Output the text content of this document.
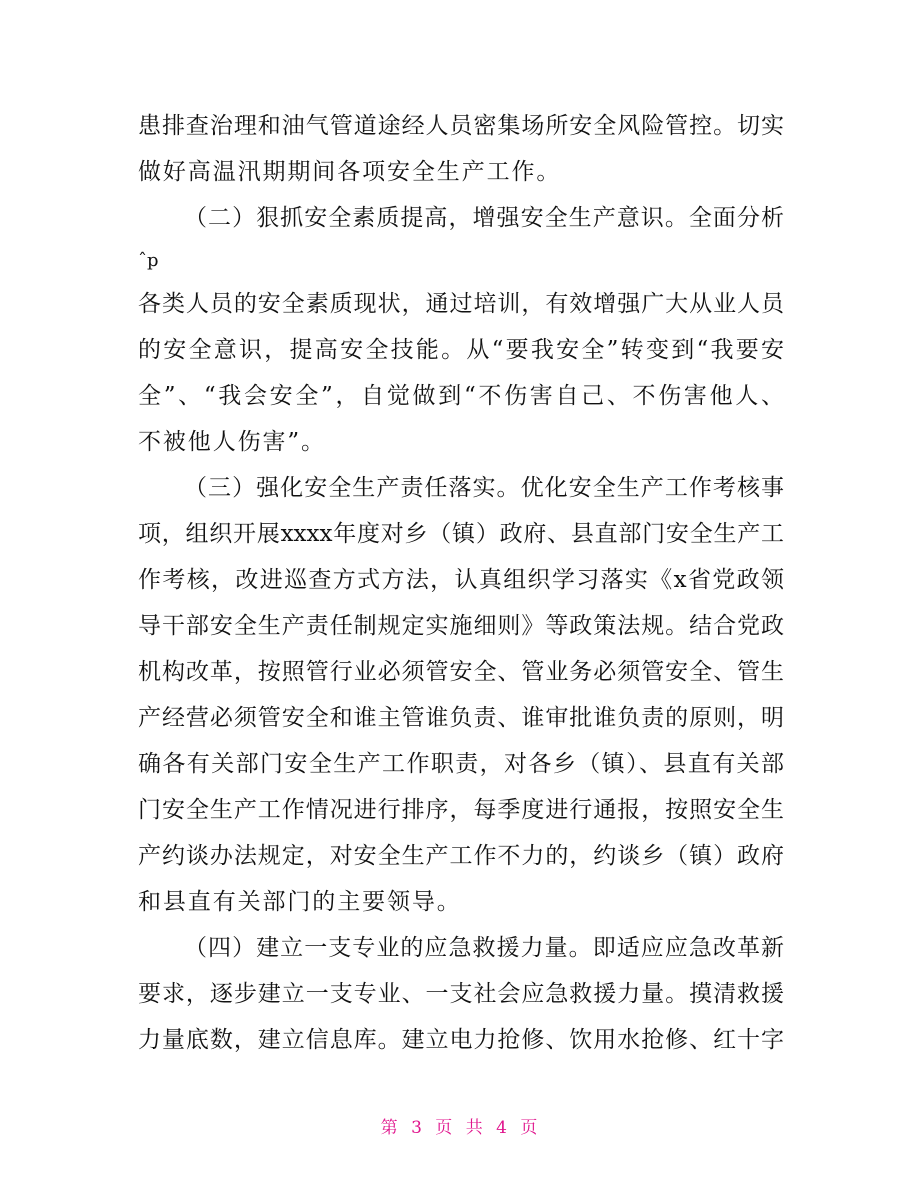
患排查治理和油气管道途经人员密集场所安全风险管控。切实
做好高温汛期期间各项安全生产工作。
（二）狠抓安全素质提高，增强安全生产意识。全面分析
ˆp
各类人员的安全素质现状，通过培训，有效增强广大从业人员
的安全意识，提高安全技能。从“要我安全”转变到“我要安
全”、“我会安全”，自觉做到“不伤害自己、不伤害他人、
不被他人伤害”。
（三）强化安全生产责任落实。优化安全生产工作考核事
项，组织开展xxxx年度对乡（镇）政府、县直部门安全生产工
作考核，改进巡查方式方法，认真组织学习落实《x省党政领
导干部安全生产责任制规定实施细则》等政策法规。结合党政
机构改革，按照管行业必须管安全、管业务必须管安全、管生
产经营必须管安全和谁主管谁负责、谁审批谁负责的原则，明
确各有关部门安全生产工作职责，对各乡（镇）、县直有关部
门安全生产工作情况进行排序，每季度进行通报，按照安全生
产约谈办法规定，对安全生产工作不力的，约谈乡（镇）政府
和县直有关部门的主要领导。
（四）建立一支专业的应急救援力量。即适应应急改革新
要求，逐步建立一支专业、一支社会应急救援力量。摸清救援
力量底数，建立信息库。建立电力抢修、饮用水抢修、红十字
第 3 页 共 4 页
